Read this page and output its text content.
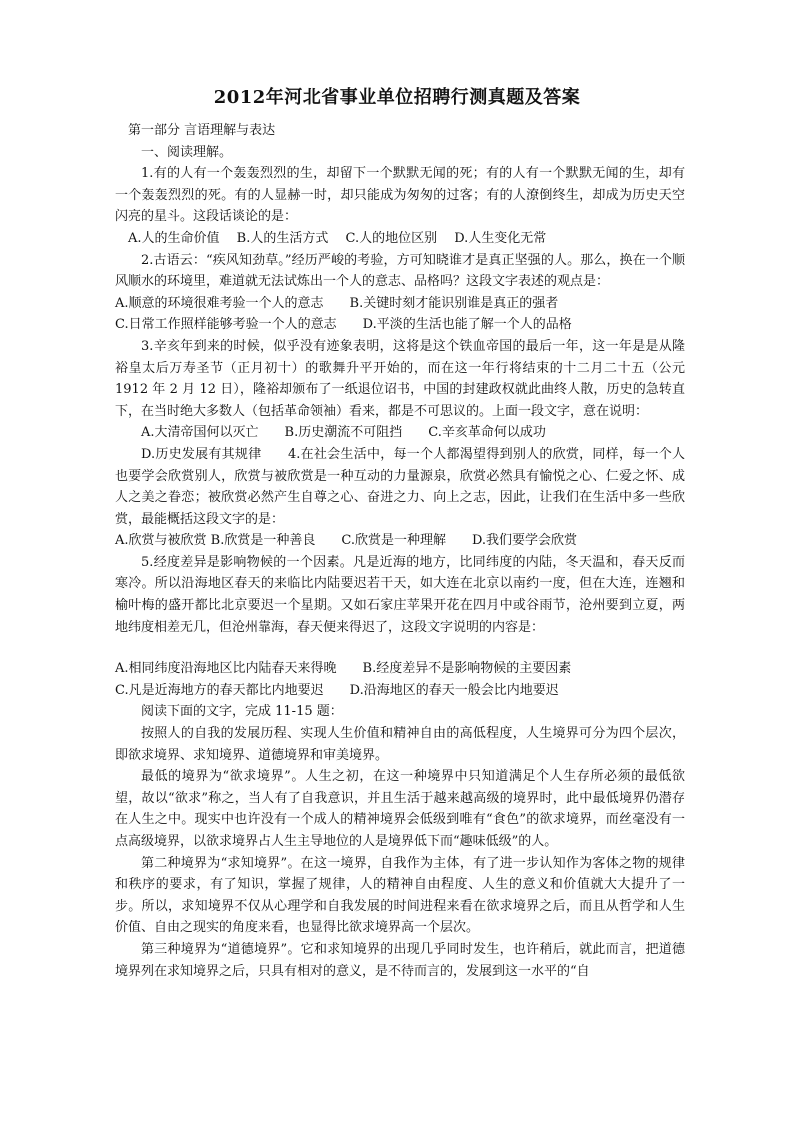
2012年河北省事业单位招聘行测真题及答案

第一部分 言语理解与表达

一、阅读理解。

1.有的人有一个轰轰烈烈的生，却留下一个默默无闻的死；有的人有一个默默无闻的生，却有一个轰轰烈烈的死。有的人显赫一时，却只能成为匆匆的过客；有的人潦倒终生，却成为历史天空闪亮的星斗。这段话谈论的是：

A.人的生命价值　 B.人的生活方式　 C.人的地位区别　 D.人生变化无常

2.古语云：“疾风知劲草。”经历严峻的考验，方可知晓谁才是真正坚强的人。那么，换在一个顺风顺水的环境里，难道就无法试炼出一个人的意志、品格吗？这段文字表述的观点是：

A.顺意的环境很难考验一个人的意志　　B.关键时刻才能识别谁是真正的强者

C.日常工作照样能够考验一个人的意志　　D.平淡的生活也能了解一个人的品格

3.辛亥年到来的时候，似乎没有迹象表明，这将是这个铁血帝国的最后一年，这一年是是从隆裕皇太后万寿圣节（正月初十）的歌舞升平开始的，而在这一年行将结束的十二月二十五（公元 1912 年 2 月 12 日），隆裕却颁布了一纸退位诏书，中国的封建政权就此曲终人散，历史的急转直下，在当时绝大多数人（包括革命领袖）看来，都是不可思议的。上面一段文字，意在说明：

A.大清帝国何以灭亡　　B.历史潮流不可阻挡　　C.辛亥革命何以成功

D.历史发展有其规律　　 4.在社会生活中，每一个人都渴望得到别人的欣赏，同样，每一个人也要学会欣赏别人，欣赏与被欣赏是一种互动的力量源泉，欣赏必然具有愉悦之心、仁爱之怀、成人之美之眷恋；被欣赏必然产生自尊之心、奋进之力、向上之志，因此，让我们在生活中多一些欣赏，最能概括这段文字的是：

A.欣赏与被欣赏 B.欣赏是一种善良　　C.欣赏是一种理解　　D.我们要学会欣赏

5.经度差异是影响物候的一个因素。凡是近海的地方，比同纬度的内陆，冬天温和，春天反而寒冷。所以沿海地区春天的来临比内陆要迟若干天，如大连在北京以南约一度，但在大连，连翘和榆叶梅的盛开都比北京要迟一个星期。又如石家庄苹果开花在四月中或谷雨节，沧州要到立夏，两地纬度相差无几，但沧州靠海，春天便来得迟了，这段文字说明的内容是：

A.相同纬度沿海地区比内陆春天来得晚　　B.经度差异不是影响物候的主要因素

C.凡是近海地方的春天都比内地要迟　　D.沿海地区的春天一般会比内地要迟

阅读下面的文字，完成 11-15 题：

按照人的自我的发展历程、实现人生价值和精神自由的高低程度，人生境界可分为四个层次，即欲求境界、求知境界、道德境界和审美境界。

最低的境界为“欲求境界”。人生之初，在这一种境界中只知道满足个人生存所必须的最低欲望，故以“欲求”称之，当人有了自我意识，并且生活于越来越高级的境界时，此中最低境界仍潜存在人生之中。现实中也许没有一个成人的精神境界会低级到唯有“食色”的欲求境界，而丝毫没有一点高级境界，以欲求境界占人生主导地位的人是境界低下而“趣味低级”的人。

第二种境界为“求知境界”。在这一境界，自我作为主体，有了进一步认知作为客体之物的规律和秩序的要求，有了知识，掌握了规律，人的精神自由程度、人生的意义和价值就大大提升了一步。所以，求知境界不仅从心理学和自我发展的时间进程来看在欲求境界之后，而且从哲学和人生价值、自由之现实的角度来看，也显得比欲求境界高一个层次。

第三种境界为“道德境界”。它和求知境界的出现几乎同时发生，也许稍后，就此而言，把道德境界列在求知境界之后，只具有相对的意义，是不待而言的，发展到这一水平的“自
